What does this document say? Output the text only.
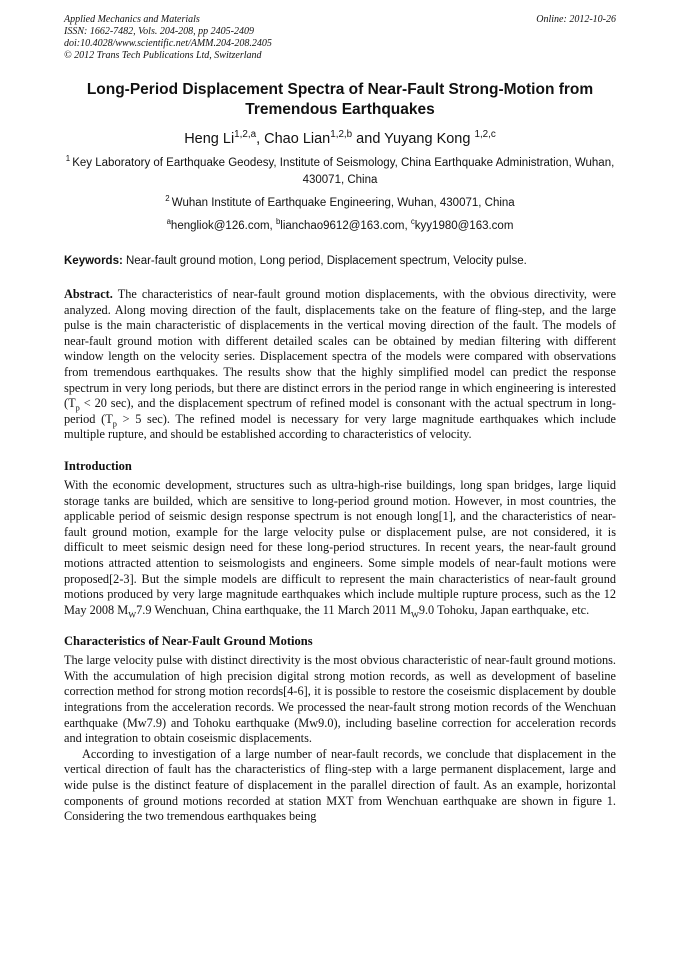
Applied Mechanics and Materials
ISSN: 1662-7482, Vols. 204-208, pp 2405-2409
doi:10.4028/www.scientific.net/AMM.204-208.2405
© 2012 Trans Tech Publications Ltd, Switzerland
Online: 2012-10-26
Long-Period Displacement Spectra of Near-Fault Strong-Motion from Tremendous Earthquakes
Heng Li$^{1,2,a}$, Chao Lian$^{1,2,b}$ and Yuyang Kong $^{1,2,c}$
$^1$ Key Laboratory of Earthquake Geodesy, Institute of Seismology, China Earthquake Administration, Wuhan, 430071, China
$^2$ Wuhan Institute of Earthquake Engineering, Wuhan, 430071, China
$^a$hengliok@126.com, $^b$lianchao9612@163.com, $^c$kyy1980@163.com
Keywords: Near-fault ground motion, Long period, Displacement spectrum, Velocity pulse.
Abstract. The characteristics of near-fault ground motion displacements, with the obvious directivity, were analyzed. Along moving direction of the fault, displacements take on the feature of fling-step, and the large pulse is the main characteristic of displacements in the vertical moving direction of the fault. The models of near-fault ground motion with different detailed scales can be obtained by median filtering with different window length on the velocity series. Displacement spectra of the models were compared with observations from tremendous earthquakes. The results show that the highly simplified model can predict the response spectrum in very long periods, but there are distinct errors in the period range in which engineering is interested ($T_p < 20$ sec), and the displacement spectrum of refined model is consonant with the actual spectrum in long-period ($T_p > 5$ sec). The refined model is necessary for very large magnitude earthquakes which include multiple rupture, and should be established according to characteristics of velocity.
Introduction
With the economic development, structures such as ultra-high-rise buildings, long span bridges, large liquid storage tanks are builded, which are sensitive to long-period ground motion. However, in most countries, the applicable period of seismic design response spectrum is not enough long[1], and the characteristics of near-fault ground motion, example for the large velocity pulse or displacement pulse, are not considered, it is difficult to meet seismic design need for these long-period structures. In recent years, the near-fault ground motions attracted attention to seismologists and engineers. Some simple models of near-fault motions were proposed[2-3]. But the simple models are difficult to represent the main characteristics of near-fault ground motions produced by very large magnitude earthquakes which include multiple rupture process, such as the 12 May 2008 $M_W7.9$ Wenchuan, China earthquake, the 11 March 2011 $M_W9.0$ Tohoku, Japan earthquake, etc.
Characteristics of Near-Fault Ground Motions
The large velocity pulse with distinct directivity is the most obvious characteristic of near-fault ground motions. With the accumulation of high precision digital strong motion records, as well as development of baseline correction method for strong motion records[4-6], it is possible to restore the coseismic displacement by double integrations from the acceleration records. We processed the near-fault strong motion records of the Wenchuan earthquake (Mw7.9) and Tohoku earthquake (Mw9.0), including baseline correction for acceleration records and integration to obtain coseismic displacements.
According to investigation of a large number of near-fault records, we conclude that displacement in the vertical direction of fault has the characteristics of fling-step with a large permanent displacement, large and wide pulse is the distinct feature of displacement in the parallel direction of fault. As an example, horizontal components of ground motions recorded at station MXT from Wenchuan earthquake are shown in figure 1. Considering the two tremendous earthquakes being
